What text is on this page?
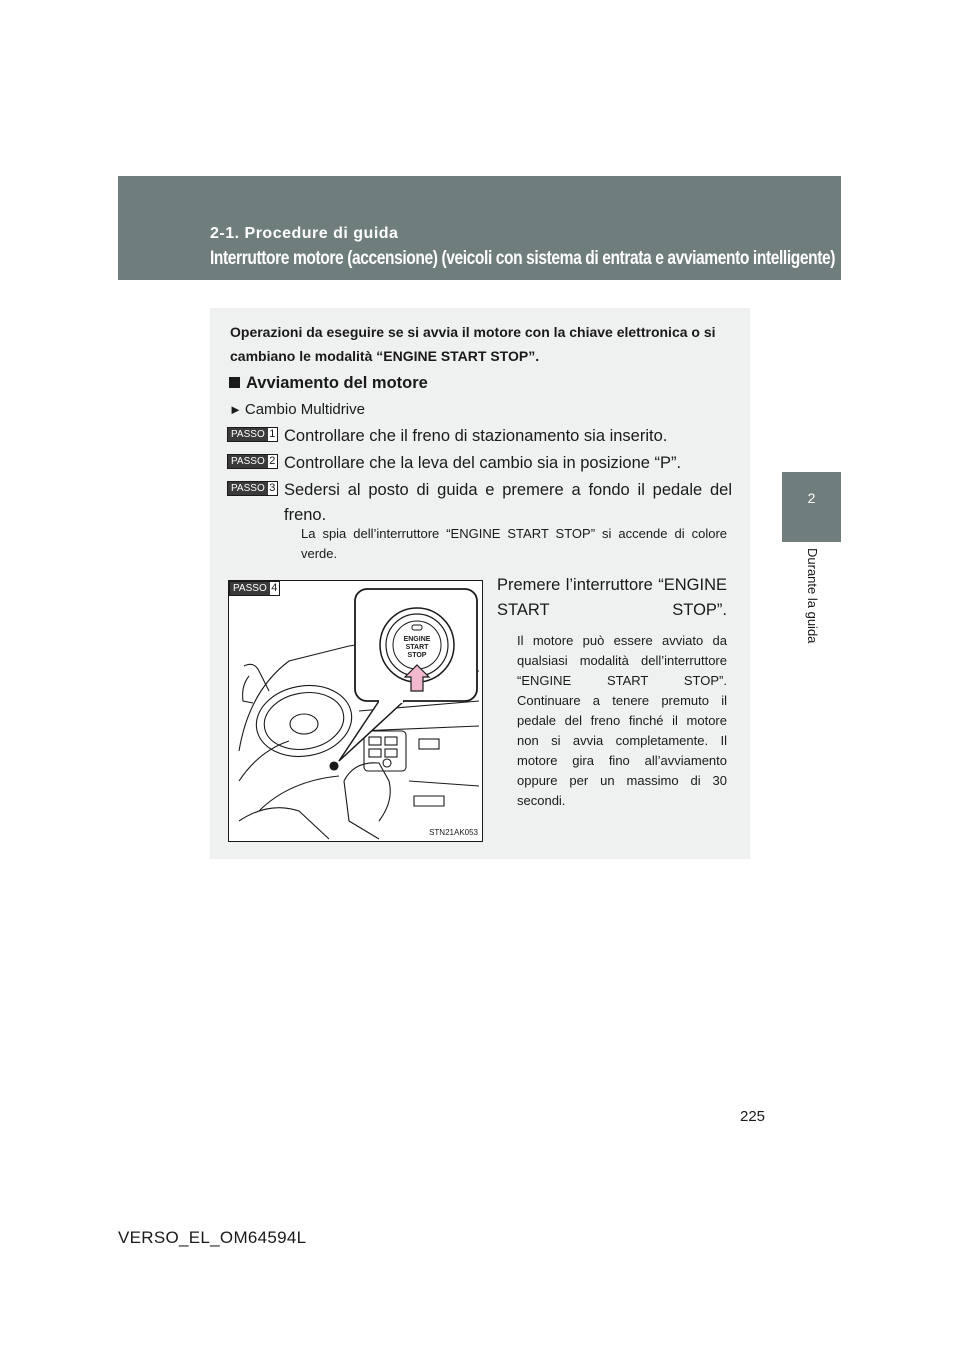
2-1. Procedure di guida
Interruttore motore (accensione) (veicoli con sistema di entrata e avviamento intelligente)
2
Durante la guida
Operazioni da eseguire se si avvia il motore con la chiave elettronica o si cambiano le modalità “ENGINE START STOP”.
Avviamento del motore
► Cambio Multidrive
PASSO 1 Controllare che il freno di stazionamento sia inserito.
PASSO 2 Controllare che la leva del cambio sia in posizione “P”.
PASSO 3 Sedersi al posto di guida e premere a fondo il pedale del freno.
La spia dell’interruttore “ENGINE START STOP” si accende di colore verde.
PASSO 4
ENGINE
START
STOP
STN21AK053
Premere l’interruttore “ENGINE START STOP”.
Il motore può essere avviato da qualsiasi modalità dell’interruttore “ENGINE START STOP”. Continuare a tenere premuto il pedale del freno finché il motore non si avvia completamente. Il motore gira fino all’avviamento oppure per un massimo di 30 secondi.
225
VERSO_EL_OM64594L
